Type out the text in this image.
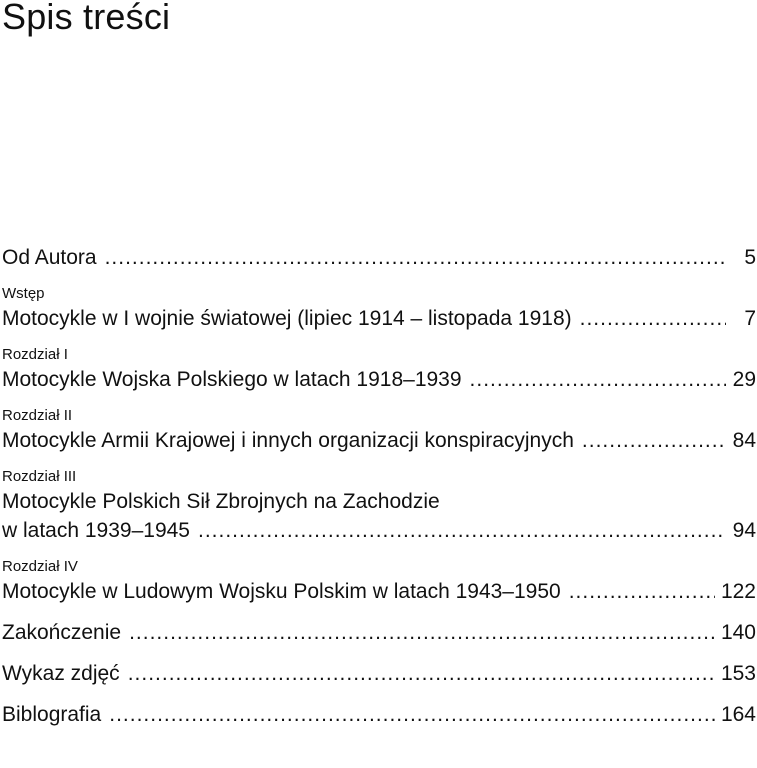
Spis treści
Od Autora .....	5
Wstęp
Motocykle w I wojnie światowej (lipiec 1914 – listopada 1918) .....	7
Rozdział I
Motocykle Wojska Polskiego w latach 1918–1939 .....	29
Rozdział II
Motocykle Armii Krajowej i innych organizacji konspiracyjnych .....	84
Rozdział III
Motocykle Polskich Sił Zbrojnych na Zachodzie
w latach 1939–1945 .....	94
Rozdział IV
Motocykle w Ludowym Wojsku Polskim w latach 1943–1950 .....	122
Zakończenie .....	140
Wykaz zdjęć .....	153
Biblografia .....	164
